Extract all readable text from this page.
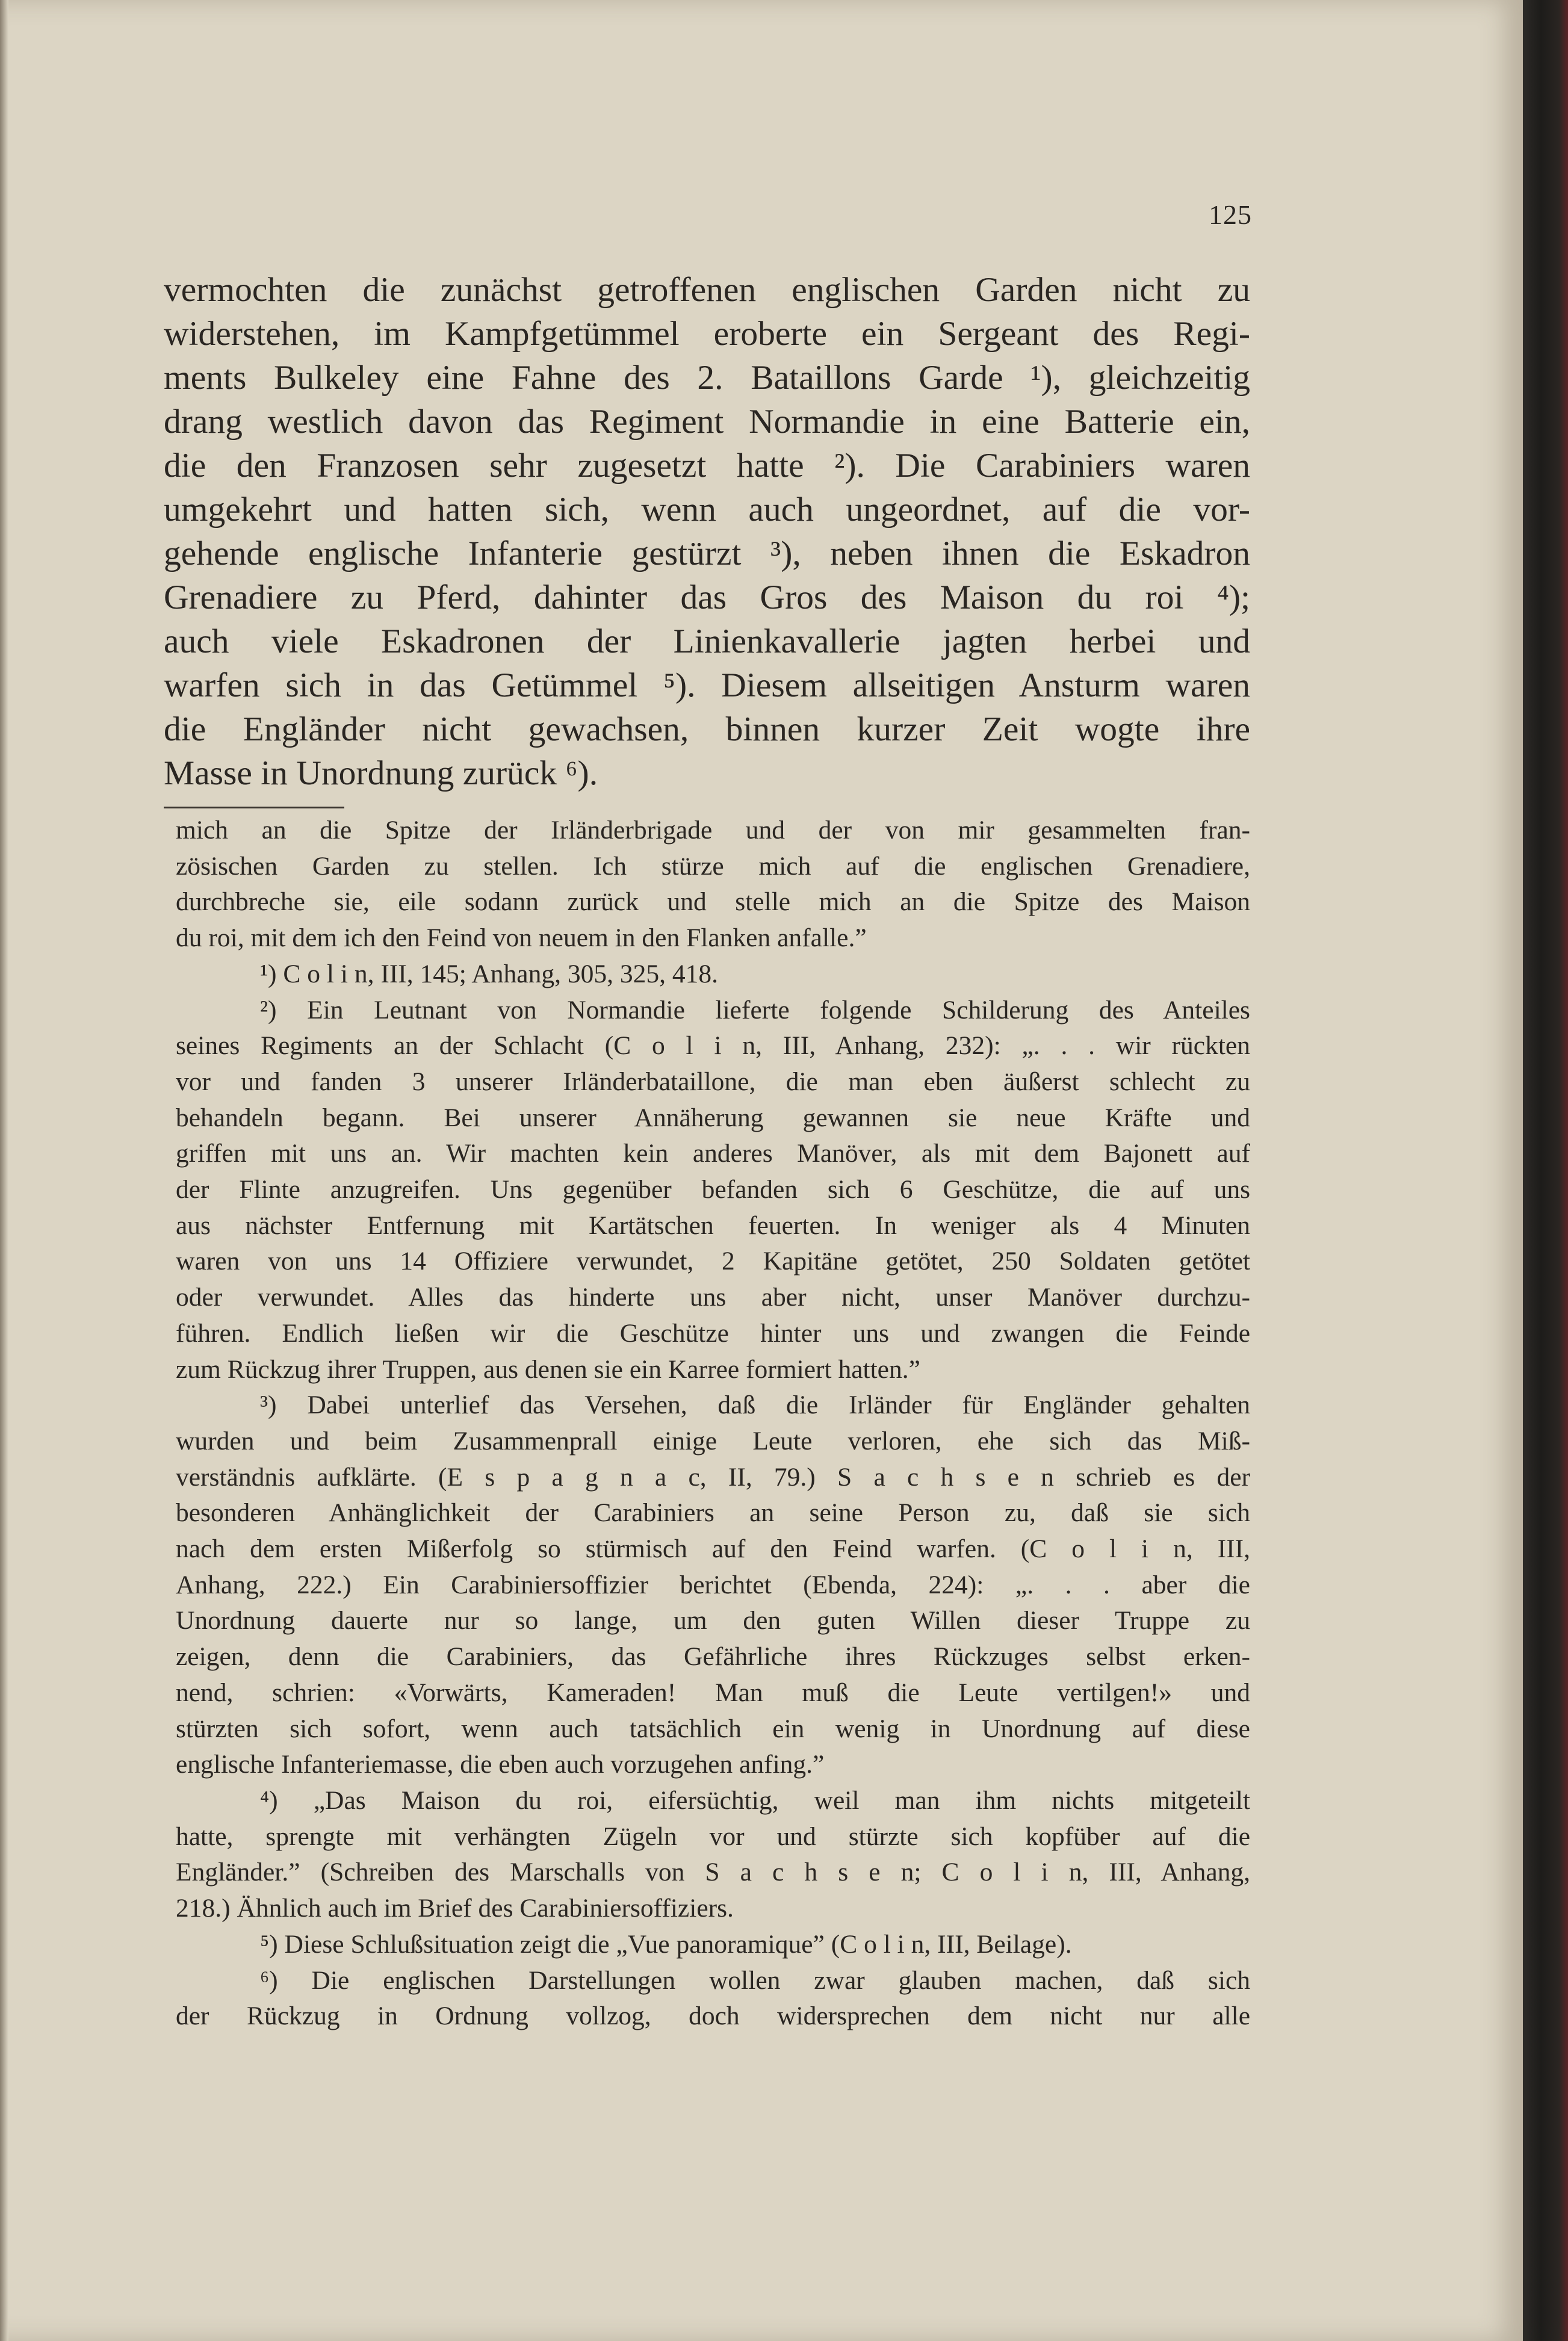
125
vermochten die zunächst getroffenen englischen Garden nicht zu
widerstehen, im Kampfgetümmel eroberte ein Sergeant des Regi-
ments Bulkeley eine Fahne des 2. Bataillons Garde ¹), gleichzeitig
drang westlich davon das Regiment Normandie in eine Batterie ein,
die den Franzosen sehr zugesetzt hatte ²). Die Carabiniers waren
umgekehrt und hatten sich, wenn auch ungeordnet, auf die vor-
gehende englische Infanterie gestürzt ³), neben ihnen die Eskadron
Grenadiere zu Pferd, dahinter das Gros des Maison du roi ⁴);
auch viele Eskadronen der Linienkavallerie jagten herbei und
warfen sich in das Getümmel ⁵). Diesem allseitigen Ansturm waren
die Engländer nicht gewachsen, binnen kurzer Zeit wogte ihre
Masse in Unordnung zurück ⁶).
mich an die Spitze der Irländerbrigade und der von mir gesammelten fran-
zösischen Garden zu stellen. Ich stürze mich auf die englischen Grenadiere,
durchbreche sie, eile sodann zurück und stelle mich an die Spitze des Maison
du roi, mit dem ich den Feind von neuem in den Flanken anfalle.”
¹) C o l i n, III, 145; Anhang, 305, 325, 418.
²) Ein Leutnant von Normandie lieferte folgende Schilderung des Anteiles
seines Regiments an der Schlacht (C o l i n, III, Anhang, 232): „. . . wir rückten
vor und fanden 3 unserer Irländerbataillone, die man eben äußerst schlecht zu
behandeln begann. Bei unserer Annäherung gewannen sie neue Kräfte und
griffen mit uns an. Wir machten kein anderes Manöver, als mit dem Bajonett auf
der Flinte anzugreifen. Uns gegenüber befanden sich 6 Geschütze, die auf uns
aus nächster Entfernung mit Kartätschen feuerten. In weniger als 4 Minuten
waren von uns 14 Offiziere verwundet, 2 Kapitäne getötet, 250 Soldaten getötet
oder verwundet. Alles das hinderte uns aber nicht, unser Manöver durchzu-
führen. Endlich ließen wir die Geschütze hinter uns und zwangen die Feinde
zum Rückzug ihrer Truppen, aus denen sie ein Karree formiert hatten.”
³) Dabei unterlief das Versehen, daß die Irländer für Engländer gehalten
wurden und beim Zusammenprall einige Leute verloren, ehe sich das Miß-
verständnis aufklärte. (E s p a g n a c, II, 79.) S a c h s e n schrieb es der
besonderen Anhänglichkeit der Carabiniers an seine Person zu, daß sie sich
nach dem ersten Mißerfolg so stürmisch auf den Feind warfen. (C o l i n, III,
Anhang, 222.) Ein Carabiniersoffizier berichtet (Ebenda, 224): „. . . aber die
Unordnung dauerte nur so lange, um den guten Willen dieser Truppe zu
zeigen, denn die Carabiniers, das Gefährliche ihres Rückzuges selbst erken-
nend, schrien: «Vorwärts, Kameraden! Man muß die Leute vertilgen!» und
stürzten sich sofort, wenn auch tatsächlich ein wenig in Unordnung auf diese
englische Infanteriemasse, die eben auch vorzugehen anfing.”
⁴) „Das Maison du roi, eifersüchtig, weil man ihm nichts mitgeteilt
hatte, sprengte mit verhängten Zügeln vor und stürzte sich kopfüber auf die
Engländer.” (Schreiben des Marschalls von S a c h s e n; C o l i n, III, Anhang,
218.) Ähnlich auch im Brief des Carabiniersoffiziers.
⁵) Diese Schlußsituation zeigt die „Vue panoramique” (C o l i n, III, Beilage).
⁶) Die englischen Darstellungen wollen zwar glauben machen, daß sich
der Rückzug in Ordnung vollzog, doch widersprechen dem nicht nur alle
